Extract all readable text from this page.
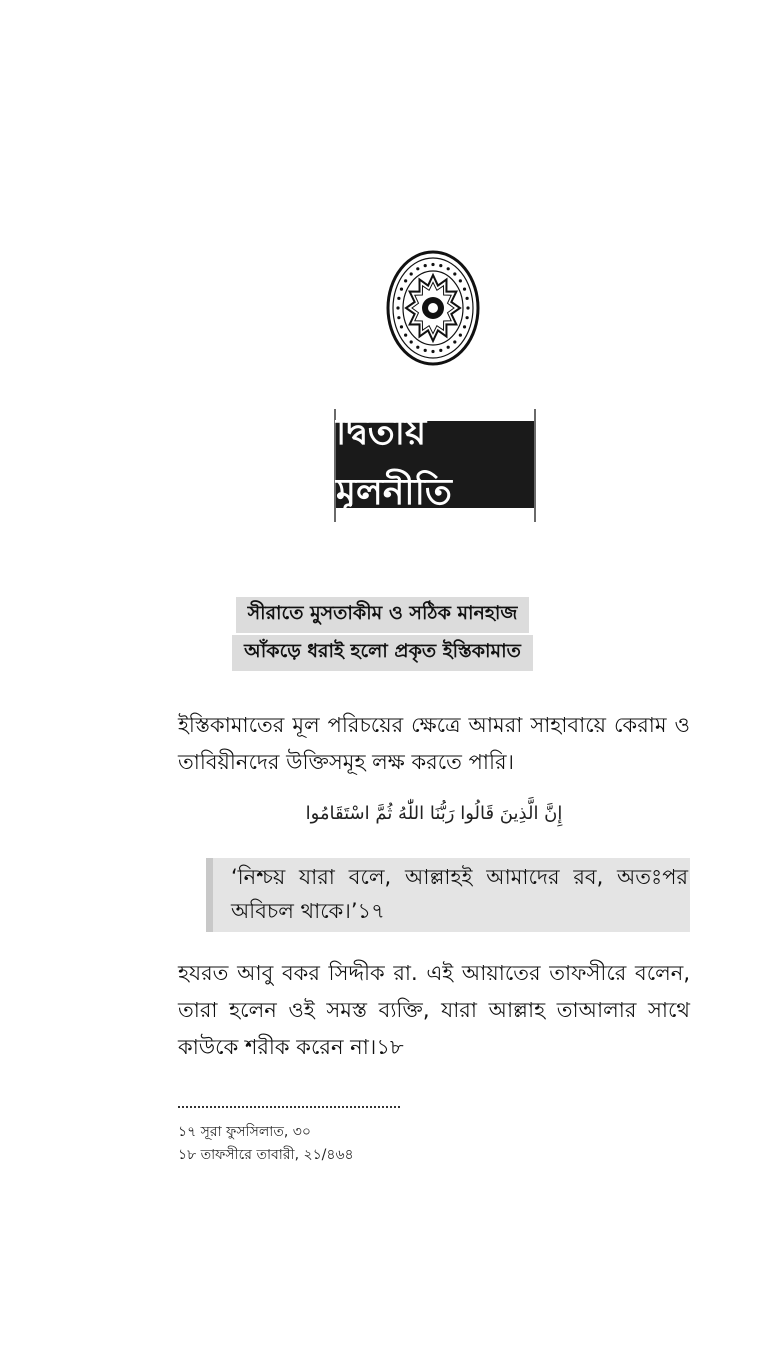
দ্বিতীয় মূলনীতি
সীরাতে মুসতাকীম ও সঠিক মানহাজ
আঁকড়ে ধরাই হলো প্রকৃত ইস্তিকামাত

ইস্তিকামাতের মূল পরিচয়ের ক্ষেত্রে আমরা সাহাবায়ে কেরাম ও তাবিয়ীনদের উক্তিসমূহ লক্ষ করতে পারি।

إِنَّ الَّذِينَ قَالُوا رَبُّنَا اللّٰهُ ثُمَّ اسْتَقَامُوا
‘নিশ্চয় যারা বলে, আল্লাহই আমাদের রব, অতঃপর অবিচল থাকে।’১৭

হযরত আবু বকর সিদ্দীক রা. এই আয়াতের তাফসীরে বলেন, তারা হলেন ওই সমস্ত ব্যক্তি, যারা আল্লাহ তাআলার সাথে কাউকে শরীক করেন না।১৮

১৭ সূরা ফুসসিলাত, ৩০
১৮ তাফসীরে তাবারী, ২১/৪৬৪
